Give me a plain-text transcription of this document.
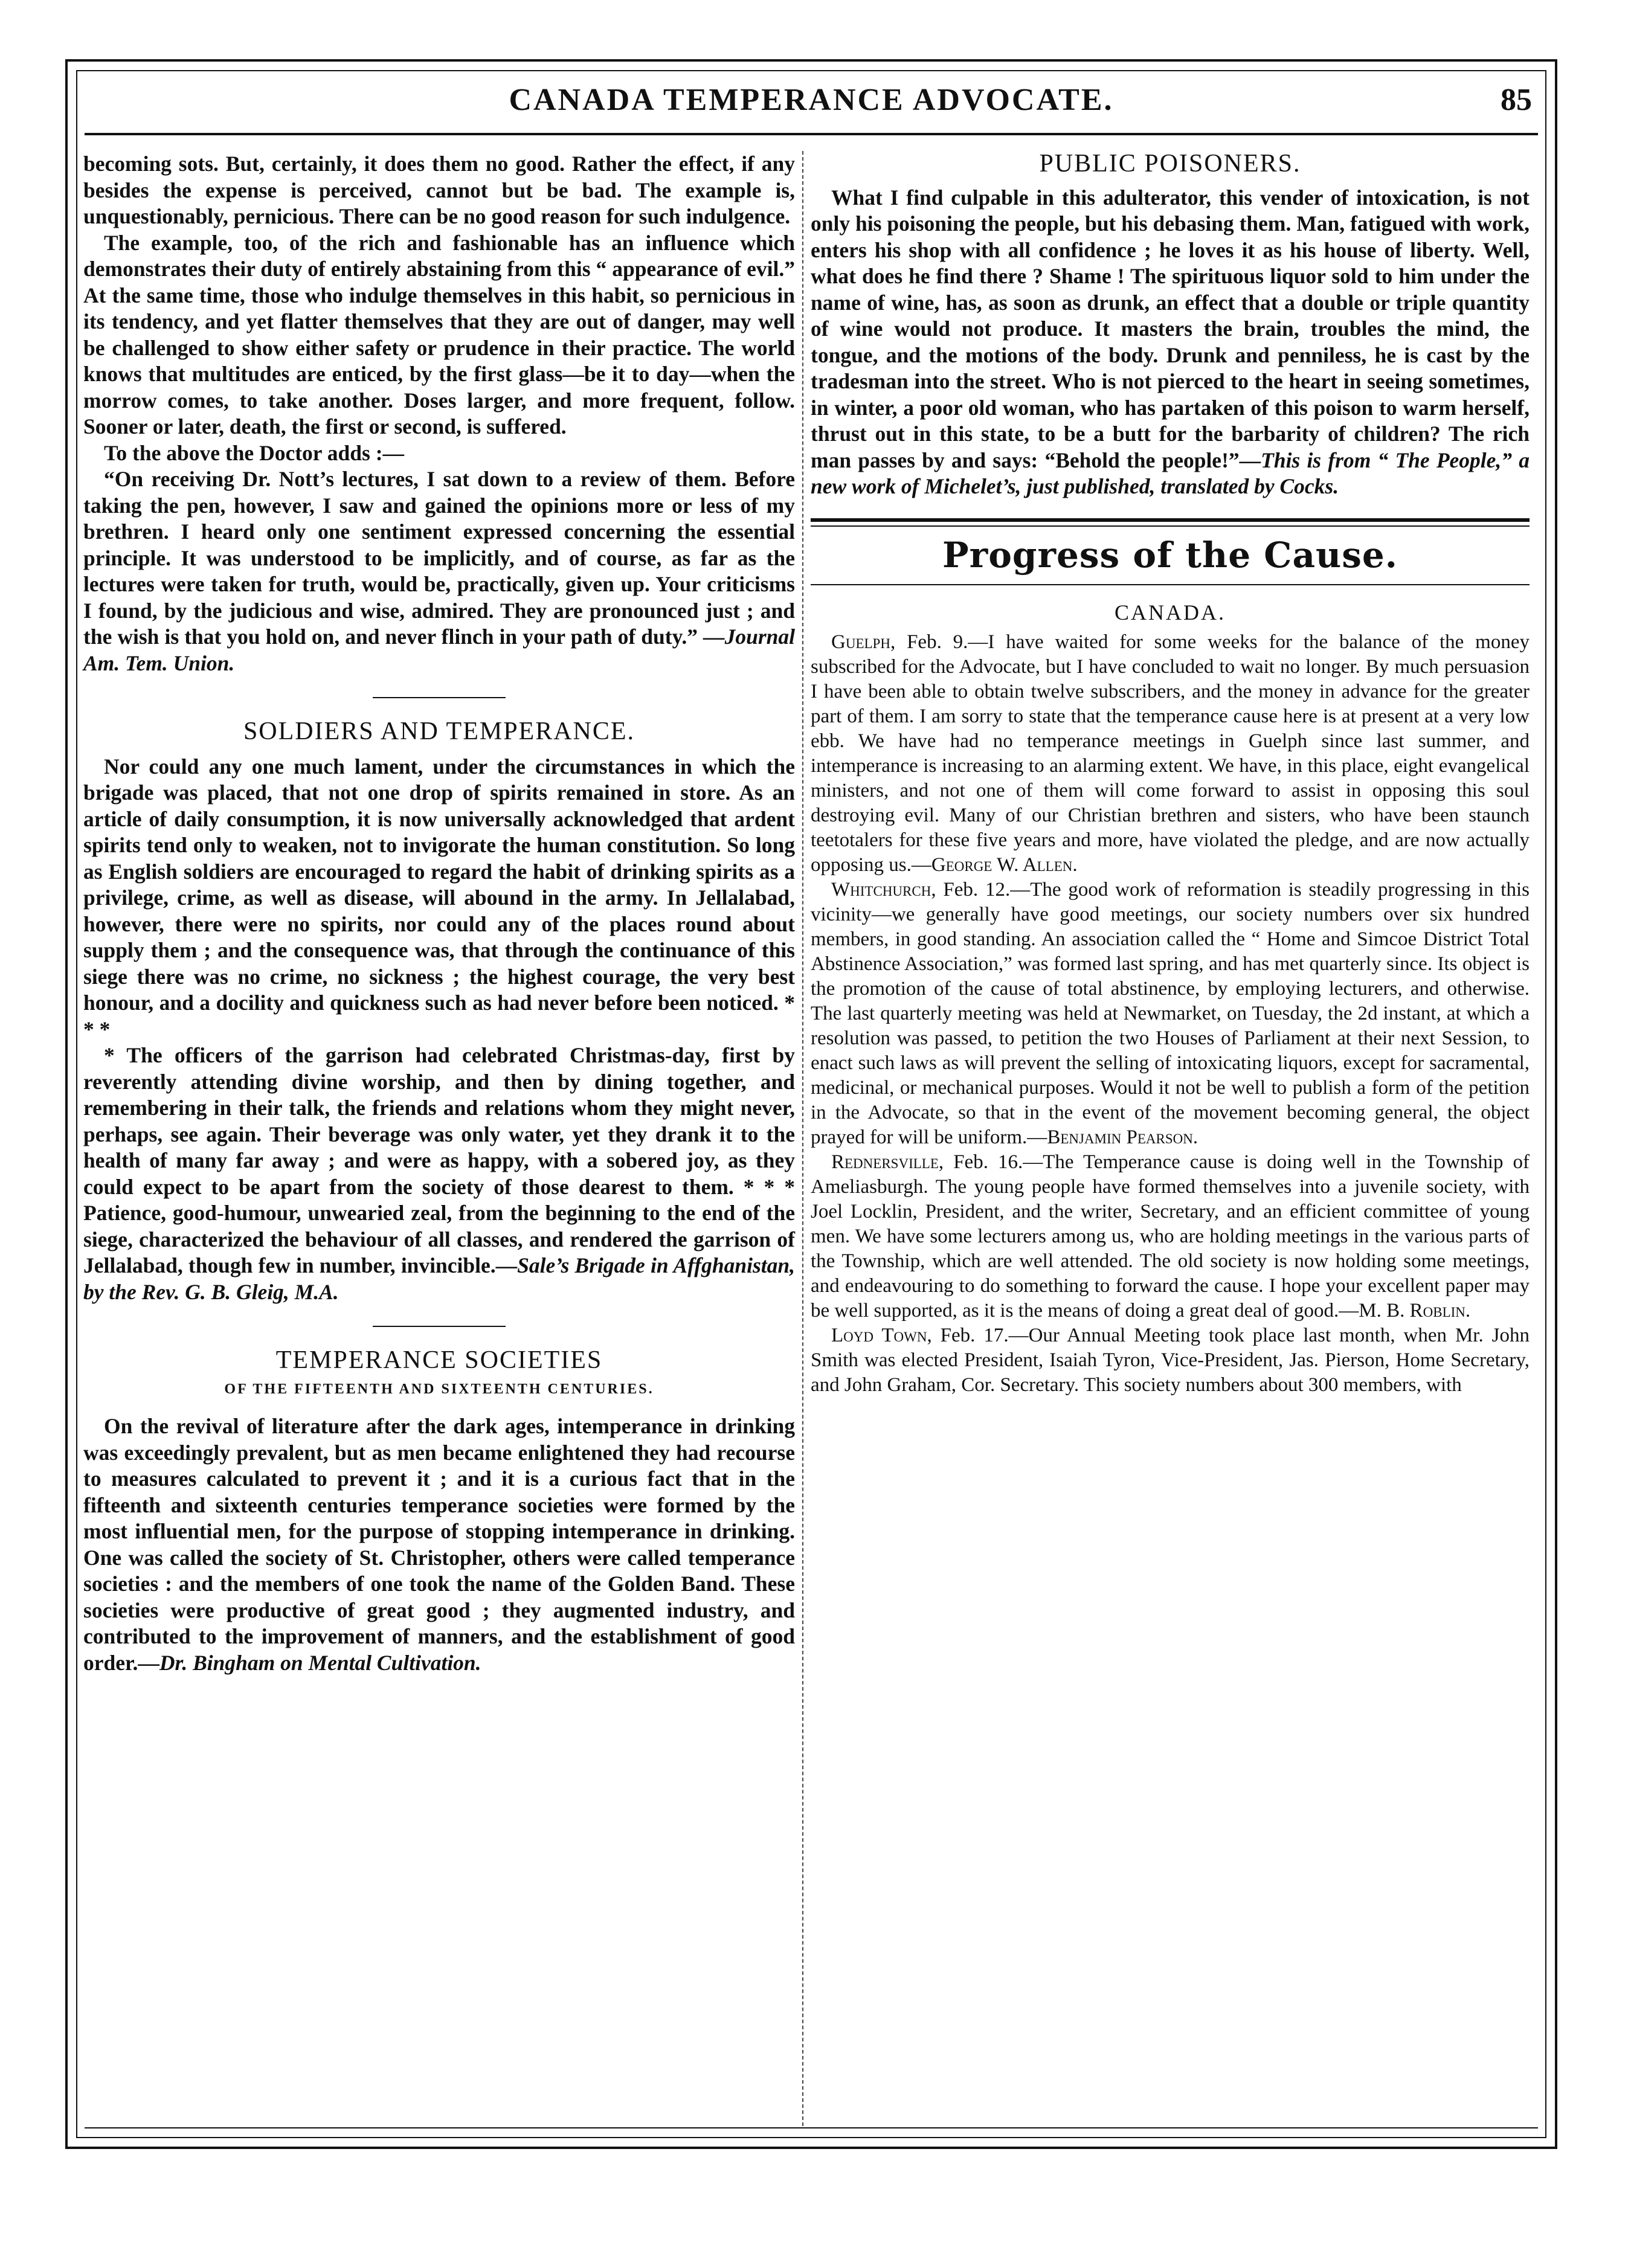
CANADA TEMPERANCE ADVOCATE.	85

becoming sots. But, certainly, it does them no good. Rather the effect, if any besides the expense is perceived, cannot but be bad. The example is, unquestionably, pernicious. There can be no good reason for such indulgence.

The example, too, of the rich and fashionable has an influence which demonstrates their duty of entirely abstaining from this “ appearance of evil.” At the same time, those who indulge themselves in this habit, so pernicious in its tendency, and yet flatter themselves that they are out of danger, may well be challenged to show either safety or prudence in their practice. The world knows that multitudes are enticed, by the first glass—be it to day—when the morrow comes, to take another. Doses larger, and more frequent, follow. Sooner or later, death, the first or second, is suffered.

To the above the Doctor adds :—

“On receiving Dr. Nott’s lectures, I sat down to a review of them. Before taking the pen, however, I saw and gained the opinions more or less of my brethren. I heard only one sentiment expressed concerning the essential principle. It was understood to be implicitly, and of course, as far as the lectures were taken for truth, would be, practically, given up. Your criticisms I found, by the judicious and wise, admired. They are pronounced just ; and the wish is that you hold on, and never flinch in your path of duty.” —Journal Am. Tem. Union.

SOLDIERS AND TEMPERANCE.

Nor could any one much lament, under the circumstances in which the brigade was placed, that not one drop of spirits remained in store. As an article of daily consumption, it is now universally acknowledged that ardent spirits tend only to weaken, not to invigorate the human constitution. So long as English soldiers are encouraged to regard the habit of drinking spirits as a privilege, crime, as well as disease, will abound in the army. In Jellalabad, however, there were no spirits, nor could any of the places round about supply them ; and the consequence was, that through the continuance of this siege there was no crime, no sickness ; the highest courage, the very best honour, and a docility and quickness such as had never before been noticed. * * *

* The officers of the garrison had celebrated Christmas-day, first by reverently attending divine worship, and then by dining together, and remembering in their talk, the friends and relations whom they might never, perhaps, see again. Their beverage was only water, yet they drank it to the health of many far away ; and were as happy, with a sobered joy, as they could expect to be apart from the society of those dearest to them. * * * Patience, good-humour, unwearied zeal, from the beginning to the end of the siege, characterized the behaviour of all classes, and rendered the garrison of Jellalabad, though few in number, invincible.—Sale’s Brigade in Affghanistan, by the Rev. G. B. Gleig, M.A.

TEMPERANCE SOCIETIES
OF THE FIFTEENTH AND SIXTEENTH CENTURIES.

On the revival of literature after the dark ages, intemperance in drinking was exceedingly prevalent, but as men became enlightened they had recourse to measures calculated to prevent it ; and it is a curious fact that in the fifteenth and sixteenth centuries temperance societies were formed by the most influential men, for the purpose of stopping intemperance in drinking. One was called the society of St. Christopher, others were called temperance societies : and the members of one took the name of the Golden Band. These societies were productive of great good ; they augmented industry, and contributed to the improvement of manners, and the establishment of good order.—Dr. Bingham on Mental Cultivation.

PUBLIC POISONERS.

What I find culpable in this adulterator, this vender of intoxication, is not only his poisoning the people, but his debasing them. Man, fatigued with work, enters his shop with all confidence ; he loves it as his house of liberty. Well, what does he find there ? Shame ! The spirituous liquor sold to him under the name of wine, has, as soon as drunk, an effect that a double or triple quantity of wine would not produce. It masters the brain, troubles the mind, the tongue, and the motions of the body. Drunk and penniless, he is cast by the tradesman into the street. Who is not pierced to the heart in seeing sometimes, in winter, a poor old woman, who has partaken of this poison to warm herself, thrust out in this state, to be a butt for the barbarity of children? The rich man passes by and says: “Behold the people!”—This is from “ The People,” a new work of Michelet’s, just published, translated by Cocks.

Progress of the Cause.
CANADA.

Guelph, Feb. 9.—I have waited for some weeks for the balance of the money subscribed for the Advocate, but I have concluded to wait no longer. By much persuasion I have been able to obtain twelve subscribers, and the money in advance for the greater part of them. I am sorry to state that the temperance cause here is at present at a very low ebb. We have had no temperance meetings in Guelph since last summer, and intemperance is increasing to an alarming extent. We have, in this place, eight evangelical ministers, and not one of them will come forward to assist in opposing this soul destroying evil. Many of our Christian brethren and sisters, who have been staunch teetotalers for these five years and more, have violated the pledge, and are now actually opposing us.—George W. Allen.

Whitchurch, Feb. 12.—The good work of reformation is steadily progressing in this vicinity—we generally have good meetings, our society numbers over six hundred members, in good standing. An association called the “ Home and Simcoe District Total Abstinence Association,” was formed last spring, and has met quarterly since. Its object is the promotion of the cause of total abstinence, by employing lecturers, and otherwise. The last quarterly meeting was held at Newmarket, on Tuesday, the 2d instant, at which a resolution was passed, to petition the two Houses of Parliament at their next Session, to enact such laws as will prevent the selling of intoxicating liquors, except for sacramental, medicinal, or mechanical purposes. Would it not be well to publish a form of the petition in the Advocate, so that in the event of the movement becoming general, the object prayed for will be uniform.—Benjamin Pearson.

Rednersville, Feb. 16.—The Temperance cause is doing well in the Township of Ameliasburgh. The young people have formed themselves into a juvenile society, with Joel Locklin, President, and the writer, Secretary, and an efficient committee of young men. We have some lecturers among us, who are holding meetings in the various parts of the Township, which are well attended. The old society is now holding some meetings, and endeavouring to do something to forward the cause. I hope your excellent paper may be well supported, as it is the means of doing a great deal of good.—M. B. Roblin.

Loyd Town, Feb. 17.—Our Annual Meeting took place last month, when Mr. John Smith was elected President, Isaiah Tyron, Vice-President, Jas. Pierson, Home Secretary, and John Graham, Cor. Secretary. This society numbers about 300 members, with
